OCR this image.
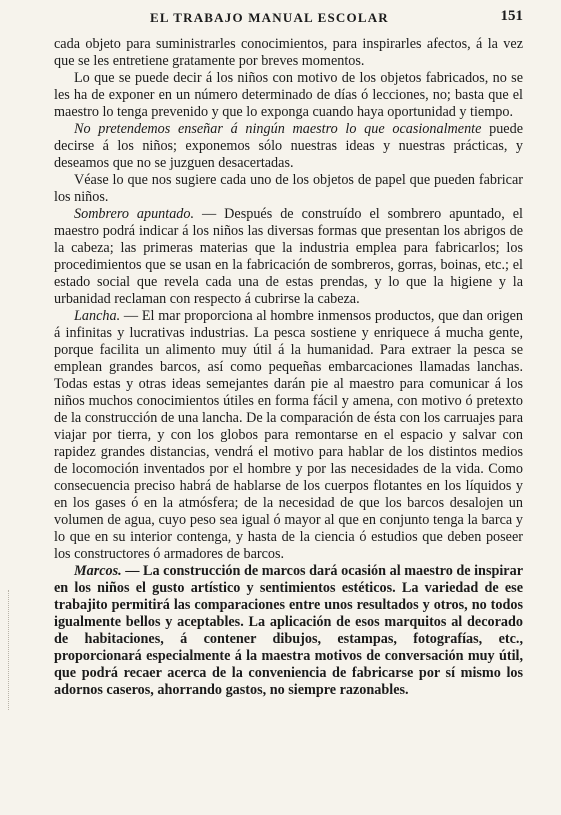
EL TRABAJO MANUAL ESCOLAR	151

cada objeto para suministrarles conocimientos, para inspirarles afectos, á la vez que se les entretiene gratamente por breves momentos.

Lo que se puede decir á los niños con motivo de los objetos fabricados, no se les ha de exponer en un número determinado de días ó lecciones, no; basta que el maestro lo tenga prevenido y que lo exponga cuando haya oportunidad y tiempo.

No pretendemos enseñar á ningún maestro lo que ocasionalmente puede decirse á los niños; exponemos sólo nuestras ideas y nuestras prácticas, y deseamos que no se juzguen desacertadas.

Véase lo que nos sugiere cada uno de los objetos de papel que pueden fabricar los niños.

Sombrero apuntado. — Después de construído el sombrero apuntado, el maestro podrá indicar á los niños las diversas formas que presentan los abrigos de la cabeza; las primeras materias que la industria emplea para fabricarlos; los procedimientos que se usan en la fabricación de sombreros, gorras, boinas, etc.; el estado social que revela cada una de estas prendas, y lo que la higiene y la urbanidad reclaman con respecto á cubrirse la cabeza.

Lancha. — El mar proporciona al hombre inmensos productos, que dan origen á infinitas y lucrativas industrias. La pesca sostiene y enriquece á mucha gente, porque facilita un alimento muy útil á la humanidad. Para extraer la pesca se emplean grandes barcos, así como pequeñas embarcaciones llamadas lanchas. Todas estas y otras ideas semejantes darán pie al maestro para comunicar á los niños muchos conocimientos útiles en forma fácil y amena, con motivo ó pretexto de la construcción de una lancha. De la comparación de ésta con los carruajes para viajar por tierra, y con los globos para remontarse en el espacio y salvar con rapidez grandes distancias, vendrá el motivo para hablar de los distintos medios de locomoción inventados por el hombre y por las necesidades de la vida. Como consecuencia preciso habrá de hablarse de los cuerpos flotantes en los líquidos y en los gases ó en la atmósfera; de la necesidad de que los barcos desalojen un volumen de agua, cuyo peso sea igual ó mayor al que en conjunto tenga la barca y lo que en su interior contenga, y hasta de la ciencia ó estudios que deben poseer los constructores ó armadores de barcos.

Marcos. — La construcción de marcos dará ocasión al maestro de inspirar en los niños el gusto artístico y sentimientos estéticos. La variedad de ese trabajito permitirá las comparaciones entre unos resultados y otros, no todos igualmente bellos y aceptables. La aplicación de esos marquitos al decorado de habitaciones, á contener dibujos, estampas, fotografías, etc., proporcionará especialmente á la maestra motivos de conversación muy útil, que podrá recaer acerca de la conveniencia de fabricarse por sí mismo los adornos caseros, ahorrando gastos, no siempre razonables.
